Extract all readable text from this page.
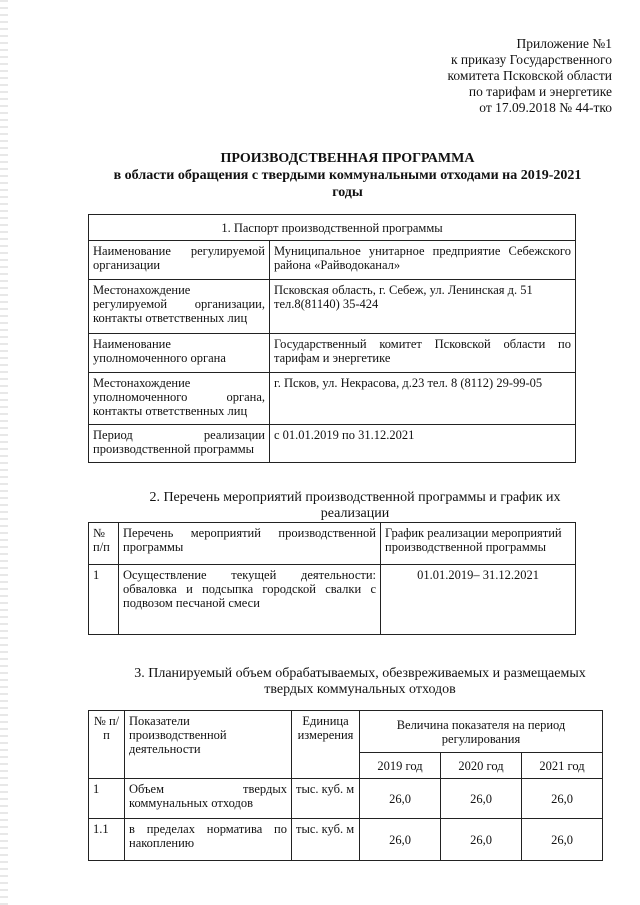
Приложение №1
к приказу Государственного
комитета Псковской области
по тарифам и энергетике
от 17.09.2018 № 44-тко
ПРОИЗВОДСТВЕННАЯ ПРОГРАММА
в области обращения с твердыми коммунальными отходами на 2019-2021
годы
1. Паспорт производственной программы	
Наименование регулируемой организации	Муниципальное унитарное предприятие Себежского района «Райводоканал»
Местонахождение регулируемой организации, контакты ответственных лиц	Псковская область, г. Себеж, ул. Ленинская д. 51 тел.8(81140) 35-424
Наименование уполномоченного органа	Государственный комитет Псковской области по тарифам и энергетике
Местонахождение уполномоченного органа, контакты ответственных лиц	г. Псков, ул. Некрасова, д.23 тел. 8 (8112) 29-99-05
Период реализации производственной программы	с 01.01.2019 по 31.12.2021
2. Перечень мероприятий производственной программы и график их
реализации
№ п/п	Перечень мероприятий производственной программы	График реализации мероприятий производственной программы
1	Осуществление текущей деятельности: обваловка и подсыпка городской свалки с подвозом песчаной смеси	01.01.2019– 31.12.2021
3. Планируемый объем обрабатываемых, обезвреживаемых и размещаемых
твердых коммунальных отходов
№ п/п	Показатели производственной деятельности	Единица измерения	Величина показателя на период регулирования		
			2019 год	2020 год	2021 год
1	Объем твердых коммунальных отходов	тыс. куб. м	26,0	26,0	26,0
1.1	в пределах норматива по накоплению	тыс. куб. м	26,0	26,0	26,0
